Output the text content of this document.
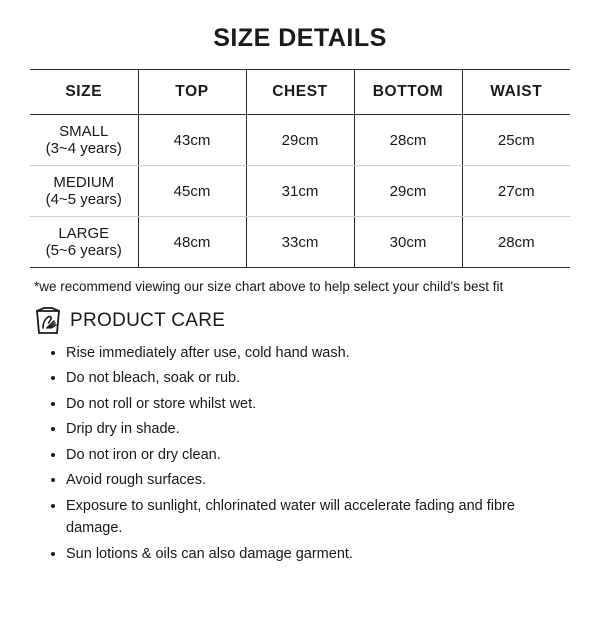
SIZE DETAILS
SIZE	TOP	CHEST	BOTTOM	WAIST

SMALL
(3~4 years)	43cm	29cm	28cm	25cm

MEDIUM
(4~5 years)	45cm	31cm	29cm	27cm

LARGE
(5~6 years)	48cm	33cm	30cm	28cm
*we recommend viewing our size chart above to help select your child's best fit
PRODUCT CARE
• Rise immediately after use, cold hand wash.
• Do not bleach, soak or rub.
• Do not roll or store whilst wet.
• Drip dry in shade.
• Do not iron or dry clean.
• Avoid rough surfaces.
• Exposure to sunlight, chlorinated water will accelerate fading and fibre damage.
• Sun lotions & oils can also damage garment.
